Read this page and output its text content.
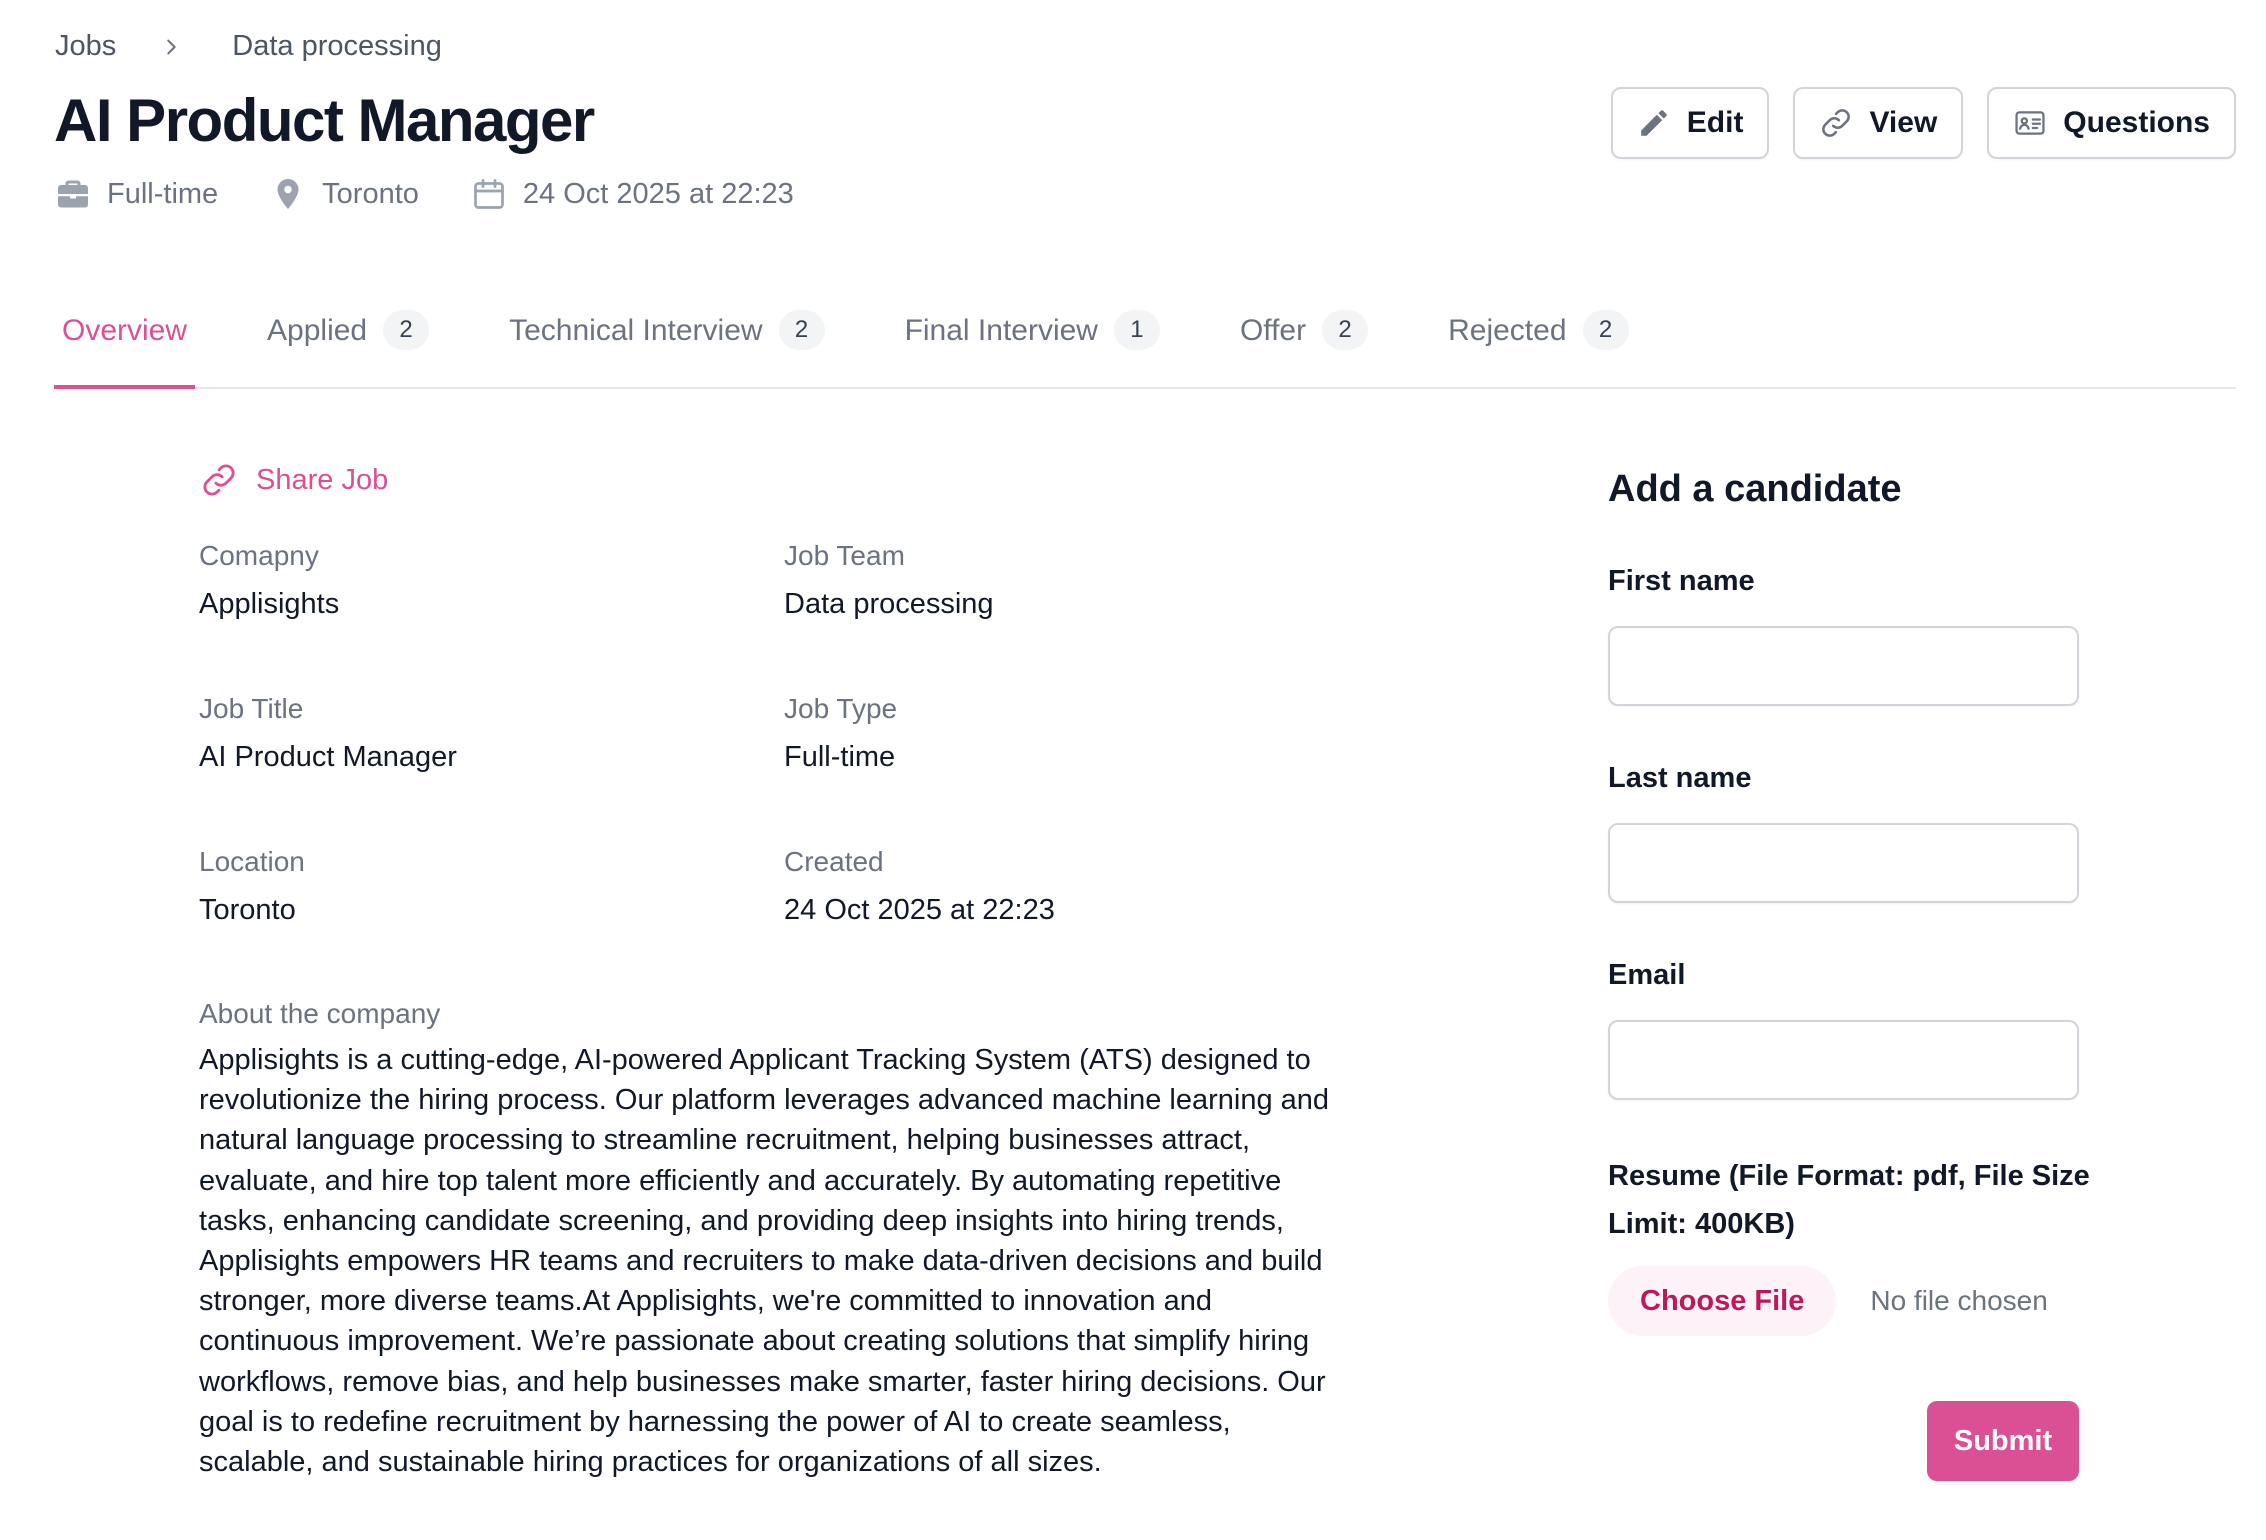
Jobs	Data processing
AI Product Manager
Full-time	Toronto	24 Oct 2025 at 22:23
Edit	View	Questions
Overview	Applied	2	Technical Interview	2	Final Interview	1	Offer	2	Rejected	2
Share Job
Comapny
Applisights
Job Team
Data processing
Job Title
AI Product Manager
Job Type
Full-time
Location
Toronto
Created
24 Oct 2025 at 22:23
About the company

Applisights is a cutting-edge, AI-powered Applicant Tracking System (ATS) designed to revolutionize the hiring process. Our platform leverages advanced machine learning and natural language processing to streamline recruitment, helping businesses attract, evaluate, and hire top talent more efficiently and accurately. By automating repetitive tasks, enhancing candidate screening, and providing deep insights into hiring trends, Applisights empowers HR teams and recruiters to make data-driven decisions and build stronger, more diverse teams.At Applisights, we're committed to innovation and continuous improvement. We’re passionate about creating solutions that simplify hiring workflows, remove bias, and help businesses make smarter, faster hiring decisions. Our goal is to redefine recruitment by harnessing the power of AI to create seamless, scalable, and sustainable hiring practices for organizations of all sizes.

Add a candidate
First name
Last name
Email
Resume (File Format: pdf, File Size Limit: 400KB)
Choose File	No file chosen
Submit
